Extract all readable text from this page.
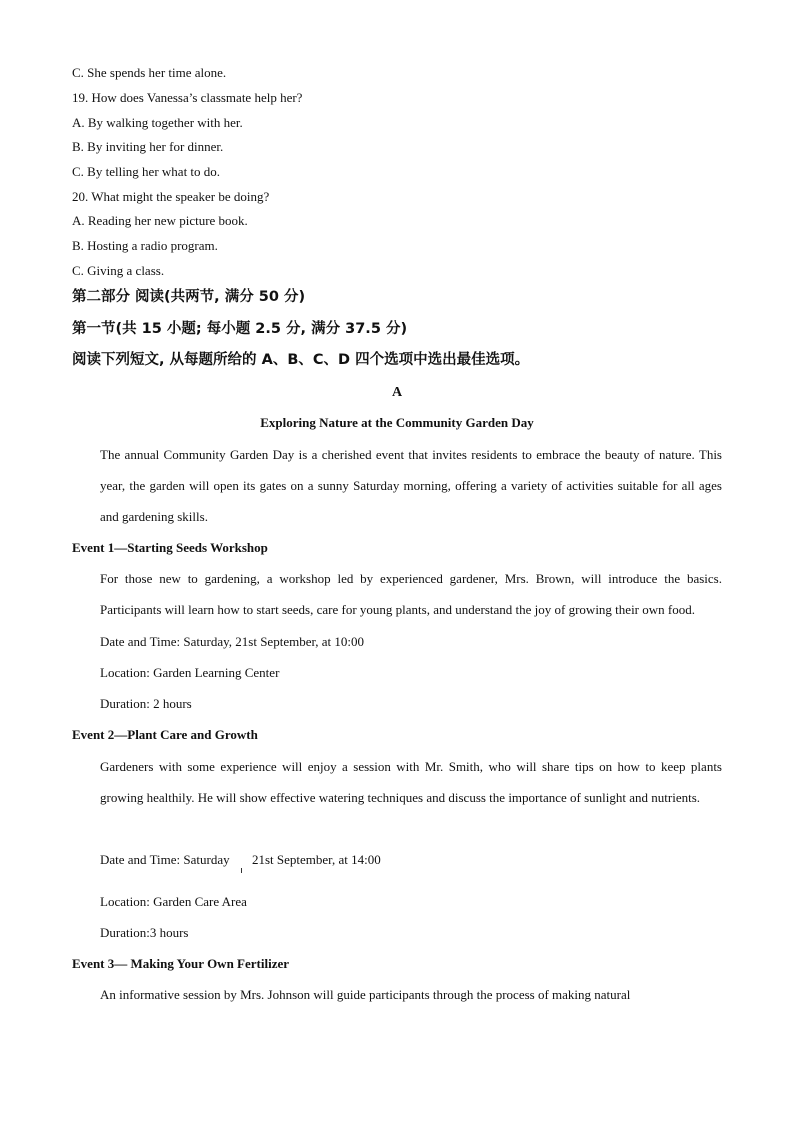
C. She spends her time alone.
19. How does Vanessa’s classmate help her?
A. By walking together with her.
B. By inviting her for dinner.
C. By telling her what to do.
20. What might the speaker be doing?
A. Reading her new picture book.
B. Hosting a radio program.
C. Giving a class.
第二部分 阅读(共两节, 满分 50 分)
第一节(共 15 小题; 每小题 2.5 分, 满分 37.5 分)
阅读下列短文, 从每题所给的 A、B、C、D 四个选项中选出最佳选项。
A
Exploring Nature at the Community Garden Day
The annual Community Garden Day is a cherished event that invites residents to embrace the beauty of nature. This year, the garden will open its gates on a sunny Saturday morning, offering a variety of activities suitable for all ages and gardening skills.
Event 1—Starting Seeds Workshop
For those new to gardening, a workshop led by experienced gardener, Mrs. Brown, will introduce the basics. Participants will learn how to start seeds, care for young plants, and understand the joy of growing their own food.
Date and Time: Saturday, 21st September, at 10:00
Location: Garden Learning Center
Duration: 2 hours
Event 2—Plant Care and Growth
Gardeners with some experience will enjoy a session with Mr. Smith, who will share tips on how to keep plants growing healthily. He will show effective watering techniques and discuss the importance of sunlight and nutrients.
Date and Time: Saturday 21st September, at 14:00
Location: Garden Care Area
Duration:3 hours
Event 3— Making Your Own Fertilizer
An informative session by Mrs. Johnson will guide participants through the process of making natural
